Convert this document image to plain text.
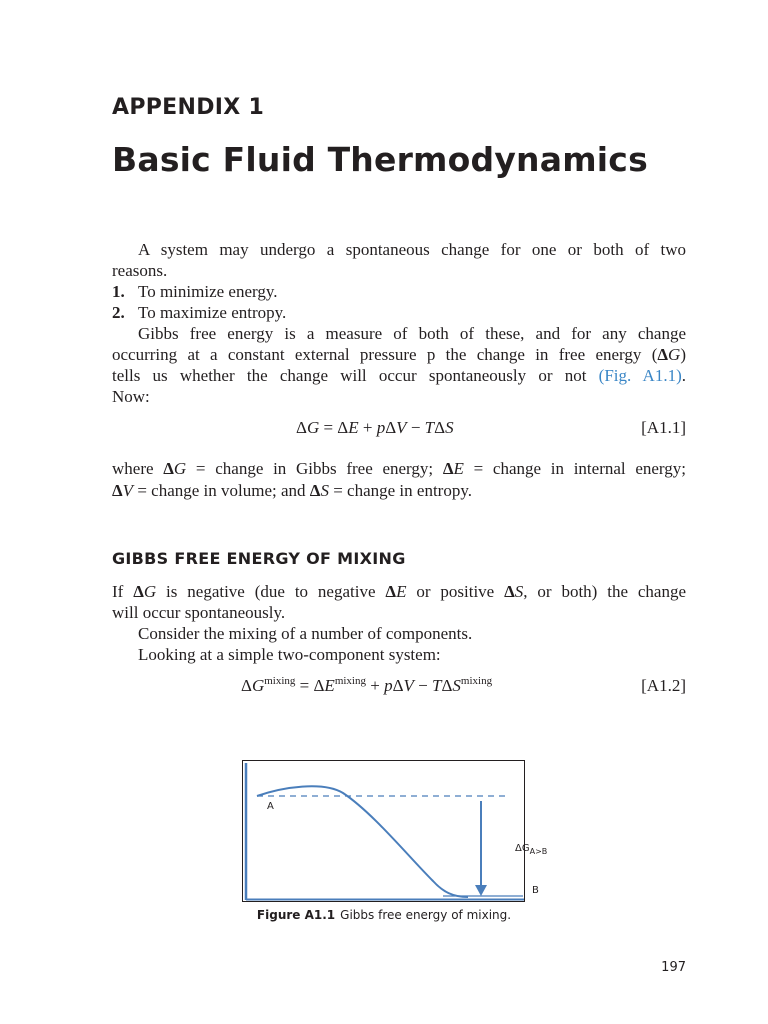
APPENDIX 1
Basic Fluid Thermodynamics
A system may undergo a spontaneous change for one or both of two
reasons.
1. To minimize energy.
2. To maximize entropy.
Gibbs free energy is a measure of both of these, and for any change
occurring at a constant external pressure p the change in free energy (ΔG)
tells us whether the change will occur spontaneously or not (Fig. A1.1).
Now:
ΔG = ΔE + pΔV − TΔS	[A1.1]
where ΔG = change in Gibbs free energy; ΔE = change in internal energy;
ΔV = change in volume; and ΔS = change in entropy.
GIBBS FREE ENERGY OF MIXING
If ΔG is negative (due to negative ΔE or positive ΔS, or both) the change
will occur spontaneously.
Consider the mixing of a number of components.
Looking at a simple two-component system:
$\Delta G^{mixing} = \Delta E^{mixing} + p\Delta V - T\Delta S^{mixing}$	[A1.2]
A
$\Delta G_{A>B}$
B
Figure A1.1 Gibbs free energy of mixing.
197
